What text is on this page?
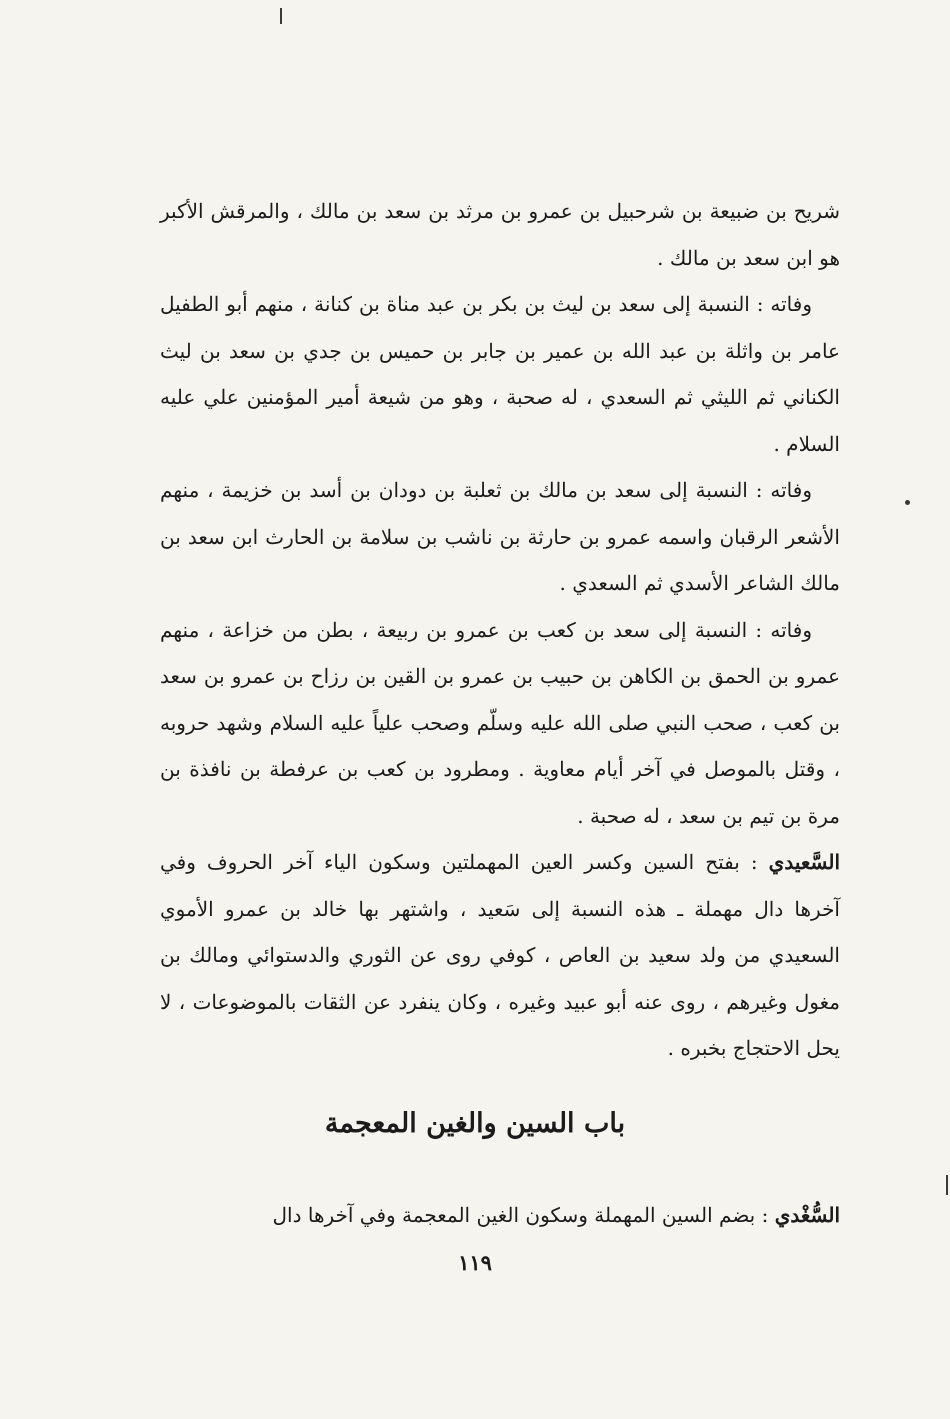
شريح بن ضبيعة بن شرحبيل بن عمرو بن مرثد بن سعد بن مالك ، والمرقش الأكبر هو ابن سعد بن مالك .

وفاته : النسبة إلى سعد بن ليث بن بكر بن عبد مناة بن كنانة ، منهم أبو الطفيل عامر بن واثلة بن عبد الله بن عمير بن جابر بن حميس بن جدي بن سعد بن ليث الكناني ثم الليثي ثم السعدي ، له صحبة ، وهو من شيعة أمير المؤمنين علي عليه السلام .

وفاته : النسبة إلى سعد بن مالك بن ثعلبة بن دودان بن أسد بن خزيمة ، منهم الأشعر الرقبان واسمه عمرو بن حارثة بن ناشب بن سلامة بن الحارث ابن سعد بن مالك الشاعر الأسدي ثم السعدي .

وفاته : النسبة إلى سعد بن كعب بن عمرو بن ربيعة ، بطن من خزاعة ، منهم عمرو بن الحمق بن الكاهن بن حبيب بن عمرو بن القين بن رزاح بن عمرو بن سعد بن كعب ، صحب النبي صلى الله عليه وسلّم وصحب علياً عليه السلام وشهد حروبه ، وقتل بالموصل في آخر أيام معاوية . ومطرود بن كعب بن عرفطة بن نافذة بن مرة بن تيم بن سعد ، له صحبة .

السَّعيدي : بفتح السين وكسر العين المهملتين وسكون الياء آخر الحروف وفي آخرها دال مهملة ـ هذه النسبة إلى سَعيد ، واشتهر بها خالد بن عمرو الأموي السعيدي من ولد سعيد بن العاص ، كوفي روى عن الثوري والدستوائي ومالك بن مغول وغيرهم ، روى عنه أبو عبيد وغيره ، وكان ينفرد عن الثقات بالموضوعات ، لا يحل الاحتجاج بخبره .

باب السين والغين المعجمة
السُّغْدي : بضم السين المهملة وسكون الغين المعجمة وفي آخرها دال
١١٩
